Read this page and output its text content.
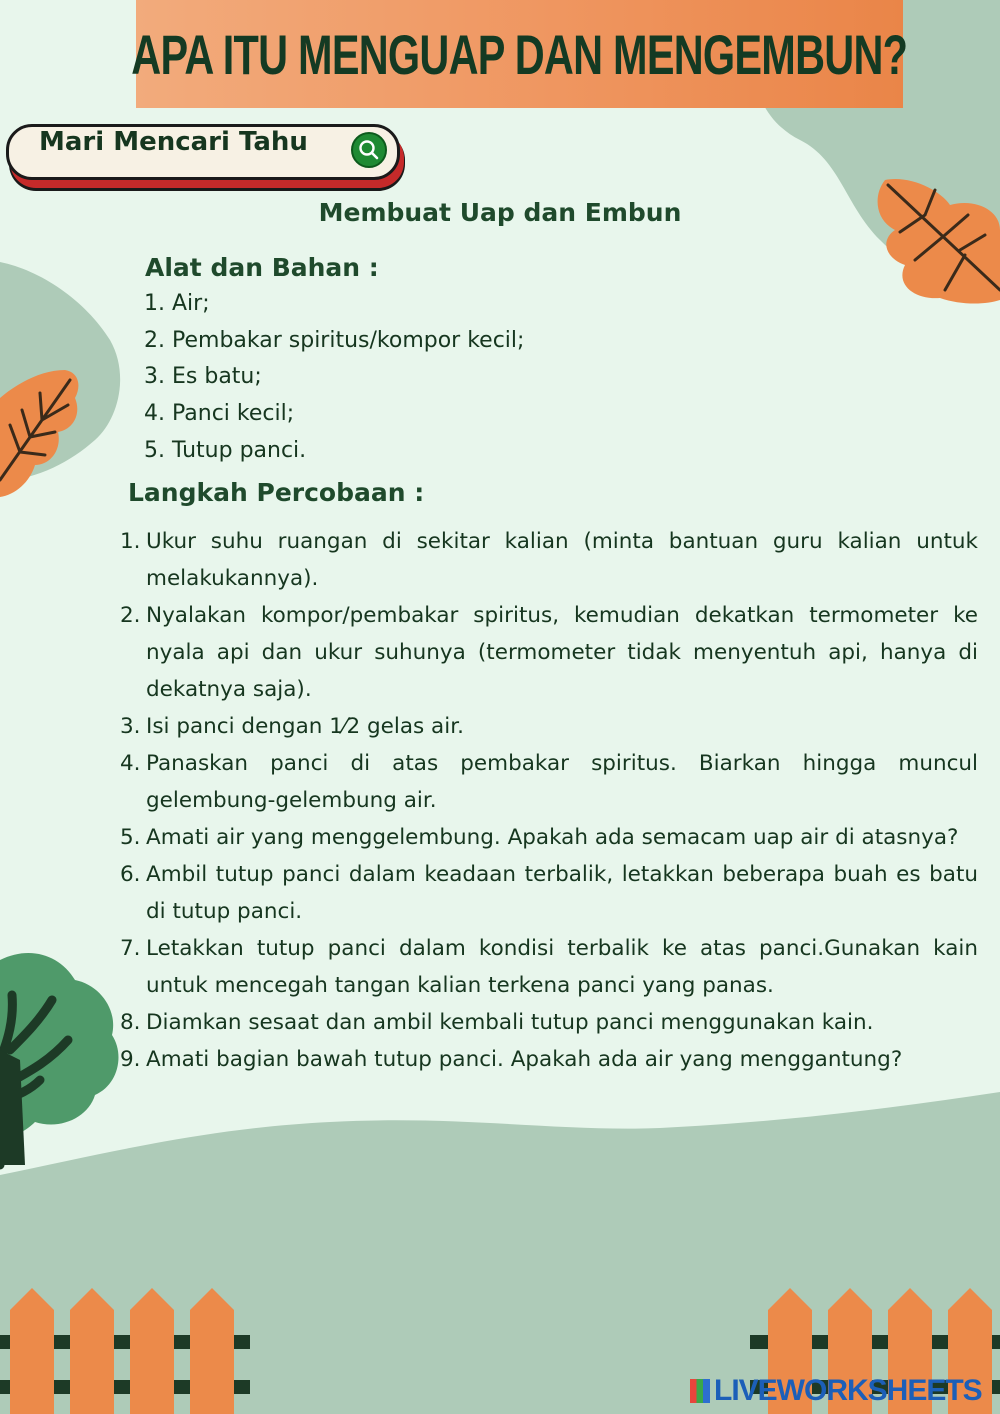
APA ITU MENGUAP DAN MENGEMBUN?
Mari Mencari Tahu
Membuat Uap dan Embun
Alat dan Bahan :
1. Air;
2. Pembakar spiritus/kompor kecil;
3. Es batu;
4. Panci kecil;
5. Tutup panci.
Langkah Percobaan :
1. Ukur suhu ruangan di sekitar kalian (minta bantuan guru kalian untuk melakukannya).
2. Nyalakan kompor/pembakar spiritus, kemudian dekatkan termometer ke nyala api dan ukur suhunya (termometer tidak menyentuh api, hanya di dekatnya saja).
3. Isi panci dengan 1⁄2 gelas air.
4. Panaskan panci di atas pembakar spiritus. Biarkan hingga muncul gelembung-gelembung air.
5. Amati air yang menggelembung. Apakah ada semacam uap air di atasnya?
6. Ambil tutup panci dalam keadaan terbalik, letakkan beberapa buah es batu di tutup panci.
7. Letakkan tutup panci dalam kondisi terbalik ke atas panci.Gunakan kain untuk mencegah tangan kalian terkena panci yang panas.
8. Diamkan sesaat dan ambil kembali tutup panci menggunakan kain.
9. Amati bagian bawah tutup panci. Apakah ada air yang menggantung?
LIVEWORKSHEETS
